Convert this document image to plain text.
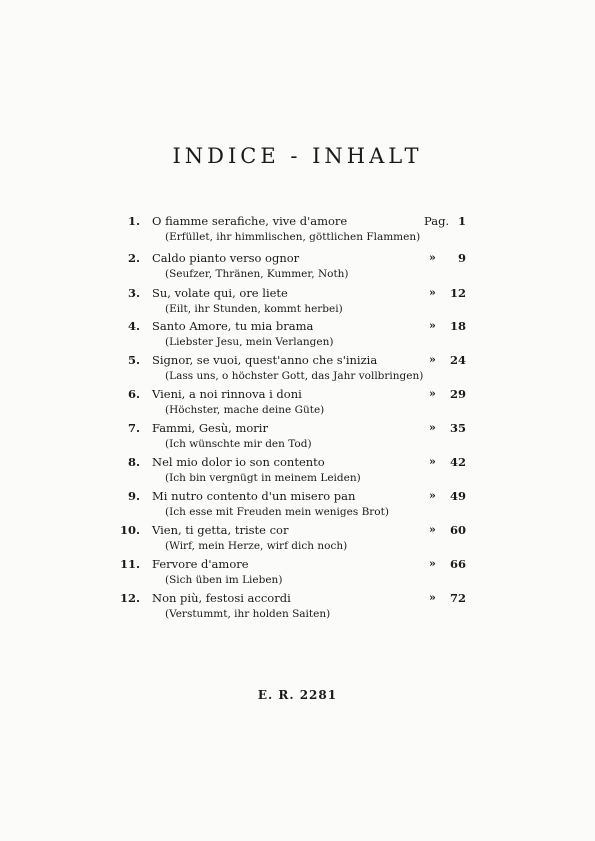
INDICE - INHALT
1. O fiamme serafiche, vive d'amore
(Erfüllet, ihr himmlischen, göttlichen Flammen)
Pag. 1
2. Caldo pianto verso ognor
(Seufzer, Thränen, Kummer, Noth)
»	9
3. Su, volate qui, ore liete
(Eilt, ihr Stunden, kommt herbei)
»	12
4. Santo Amore, tu mia brama
(Liebster Jesu, mein Verlangen)
»	18
5. Signor, se vuoi, quest'anno che s'inizia
(Lass uns, o höchster Gott, das Jahr vollbringen)
»	24
6. Vieni, a noi rinnova i doni
(Höchster, mache deine Güte)
»	29
7. Fammi, Gesù, morir
(Ich wünschte mir den Tod)
»	35
8. Nel mio dolor io son contento
(Ich bin vergnügt in meinem Leiden)
»	42
9. Mi nutro contento d'un misero pan
(Ich esse mit Freuden mein weniges Brot)
»	49
10. Vien, ti getta, triste cor
(Wirf, mein Herze, wirf dich noch)
»	60
11. Fervore d'amore
(Sich üben im Lieben)
»	66
12. Non più, festosi accordi
(Verstummt, ihr holden Saiten)
»	72
E. R. 2281
